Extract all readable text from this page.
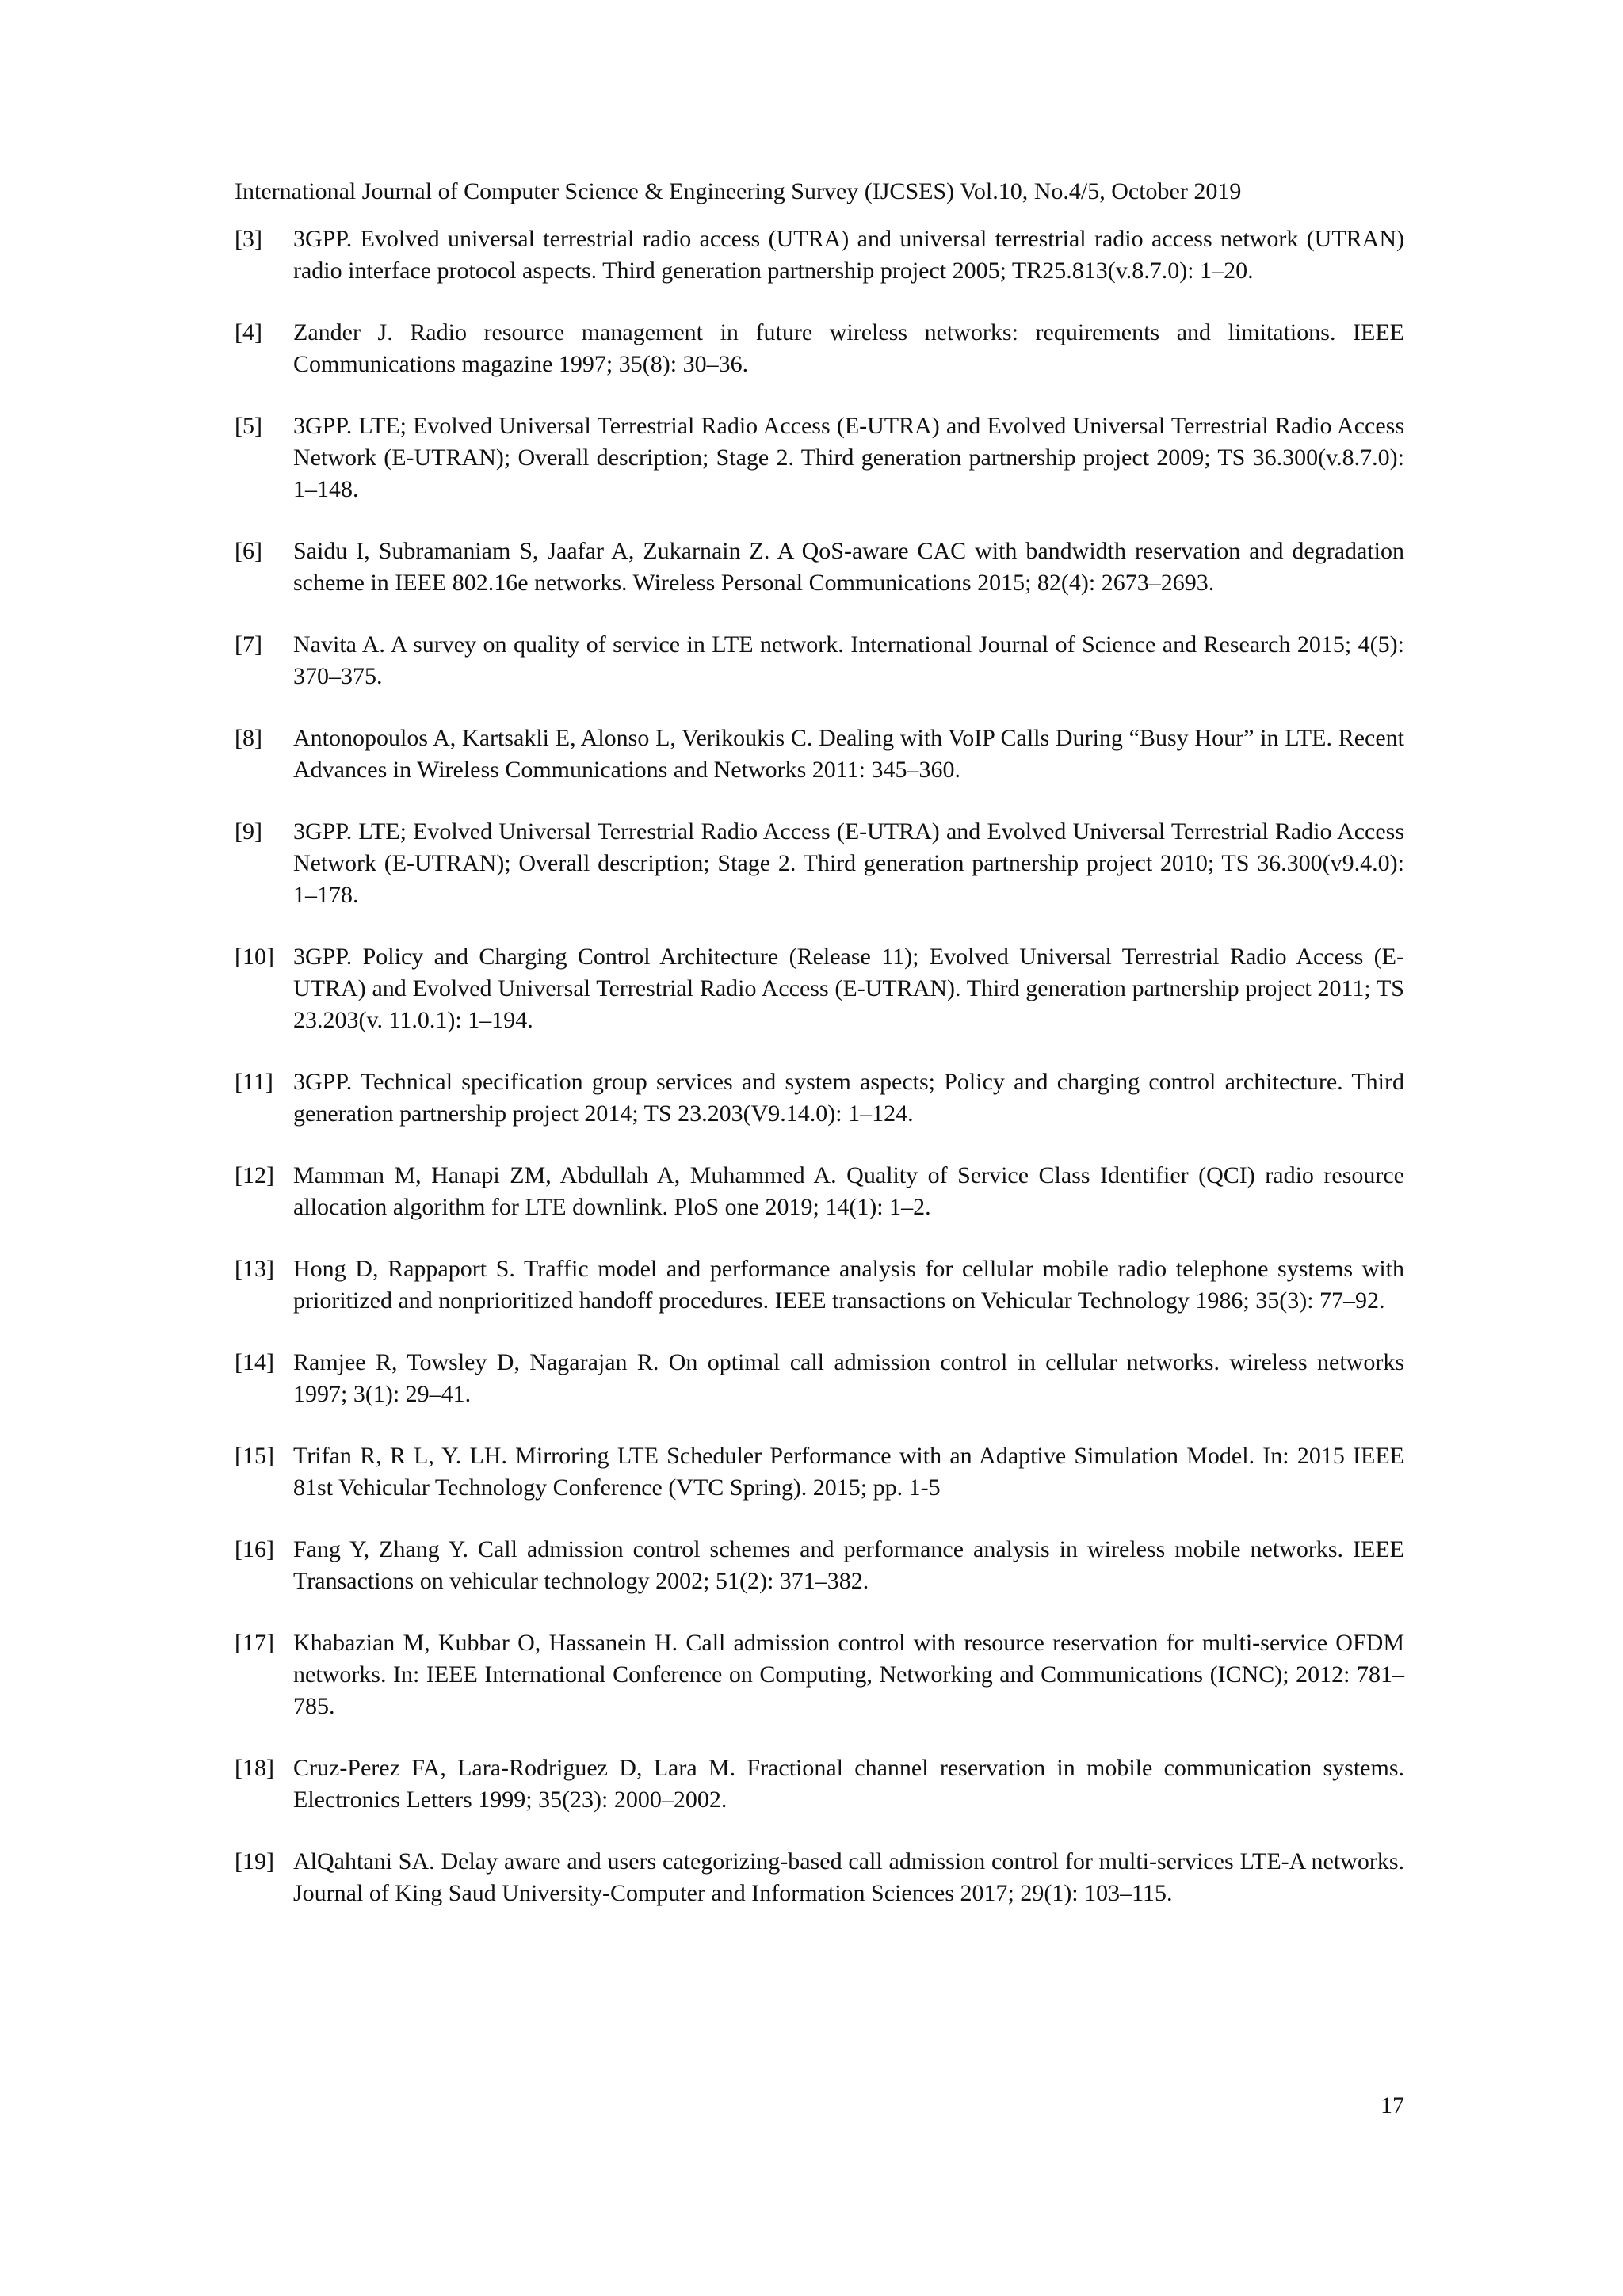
International Journal of Computer Science & Engineering Survey (IJCSES) Vol.10, No.4/5, October 2019
[3]	3GPP. Evolved universal terrestrial radio access (UTRA) and universal terrestrial radio access network (UTRAN) radio interface protocol aspects. Third generation partnership project 2005; TR25.813(v.8.7.0): 1–20.
[4]	Zander J. Radio resource management in future wireless networks: requirements and limitations. IEEE Communications magazine 1997; 35(8): 30–36.
[5]	3GPP. LTE; Evolved Universal Terrestrial Radio Access (E-UTRA) and Evolved Universal Terrestrial Radio Access Network (E-UTRAN); Overall description; Stage 2. Third generation partnership project 2009; TS 36.300(v.8.7.0): 1–148.
[6]	Saidu I, Subramaniam S, Jaafar A, Zukarnain Z. A QoS-aware CAC with bandwidth reservation and degradation scheme in IEEE 802.16e networks. Wireless Personal Communications 2015; 82(4): 2673–2693.
[7]	Navita A. A survey on quality of service in LTE network. International Journal of Science and Research 2015; 4(5): 370–375.
[8]	Antonopoulos A, Kartsakli E, Alonso L, Verikoukis C. Dealing with VoIP Calls During “Busy Hour” in LTE. Recent Advances in Wireless Communications and Networks 2011: 345–360.
[9]	3GPP. LTE; Evolved Universal Terrestrial Radio Access (E-UTRA) and Evolved Universal Terrestrial Radio Access Network (E-UTRAN); Overall description; Stage 2. Third generation partnership project 2010; TS 36.300(v9.4.0): 1–178.
[10] 3GPP. Policy and Charging Control Architecture (Release 11); Evolved Universal Terrestrial Radio Access (E-UTRA) and Evolved Universal Terrestrial Radio Access (E-UTRAN). Third generation partnership project 2011; TS 23.203(v. 11.0.1): 1–194.
[11] 3GPP. Technical specification group services and system aspects; Policy and charging control architecture. Third generation partnership project 2014; TS 23.203(V9.14.0): 1–124.
[12] Mamman M, Hanapi ZM, Abdullah A, Muhammed A. Quality of Service Class Identifier (QCI) radio resource allocation algorithm for LTE downlink. PloS one 2019; 14(1): 1–2.
[13] Hong D, Rappaport S. Traffic model and performance analysis for cellular mobile radio telephone systems with prioritized and nonprioritized handoff procedures. IEEE transactions on Vehicular Technology 1986; 35(3): 77–92.
[14] Ramjee R, Towsley D, Nagarajan R. On optimal call admission control in cellular networks. wireless networks 1997; 3(1): 29–41.
[15] Trifan R, R L, Y. LH. Mirroring LTE Scheduler Performance with an Adaptive Simulation Model. In: 2015 IEEE 81st Vehicular Technology Conference (VTC Spring). 2015; pp. 1-5
[16] Fang Y, Zhang Y. Call admission control schemes and performance analysis in wireless mobile networks. IEEE Transactions on vehicular technology 2002; 51(2): 371–382.
[17] Khabazian M, Kubbar O, Hassanein H. Call admission control with resource reservation for multi-service OFDM networks. In: IEEE International Conference on Computing, Networking and Communications (ICNC); 2012: 781–785.
[18] Cruz-Perez FA, Lara-Rodriguez D, Lara M. Fractional channel reservation in mobile communication systems. Electronics Letters 1999; 35(23): 2000–2002.
[19] AlQahtani SA. Delay aware and users categorizing-based call admission control for multi-services LTE-A networks. Journal of King Saud University-Computer and Information Sciences 2017; 29(1): 103–115.
17
